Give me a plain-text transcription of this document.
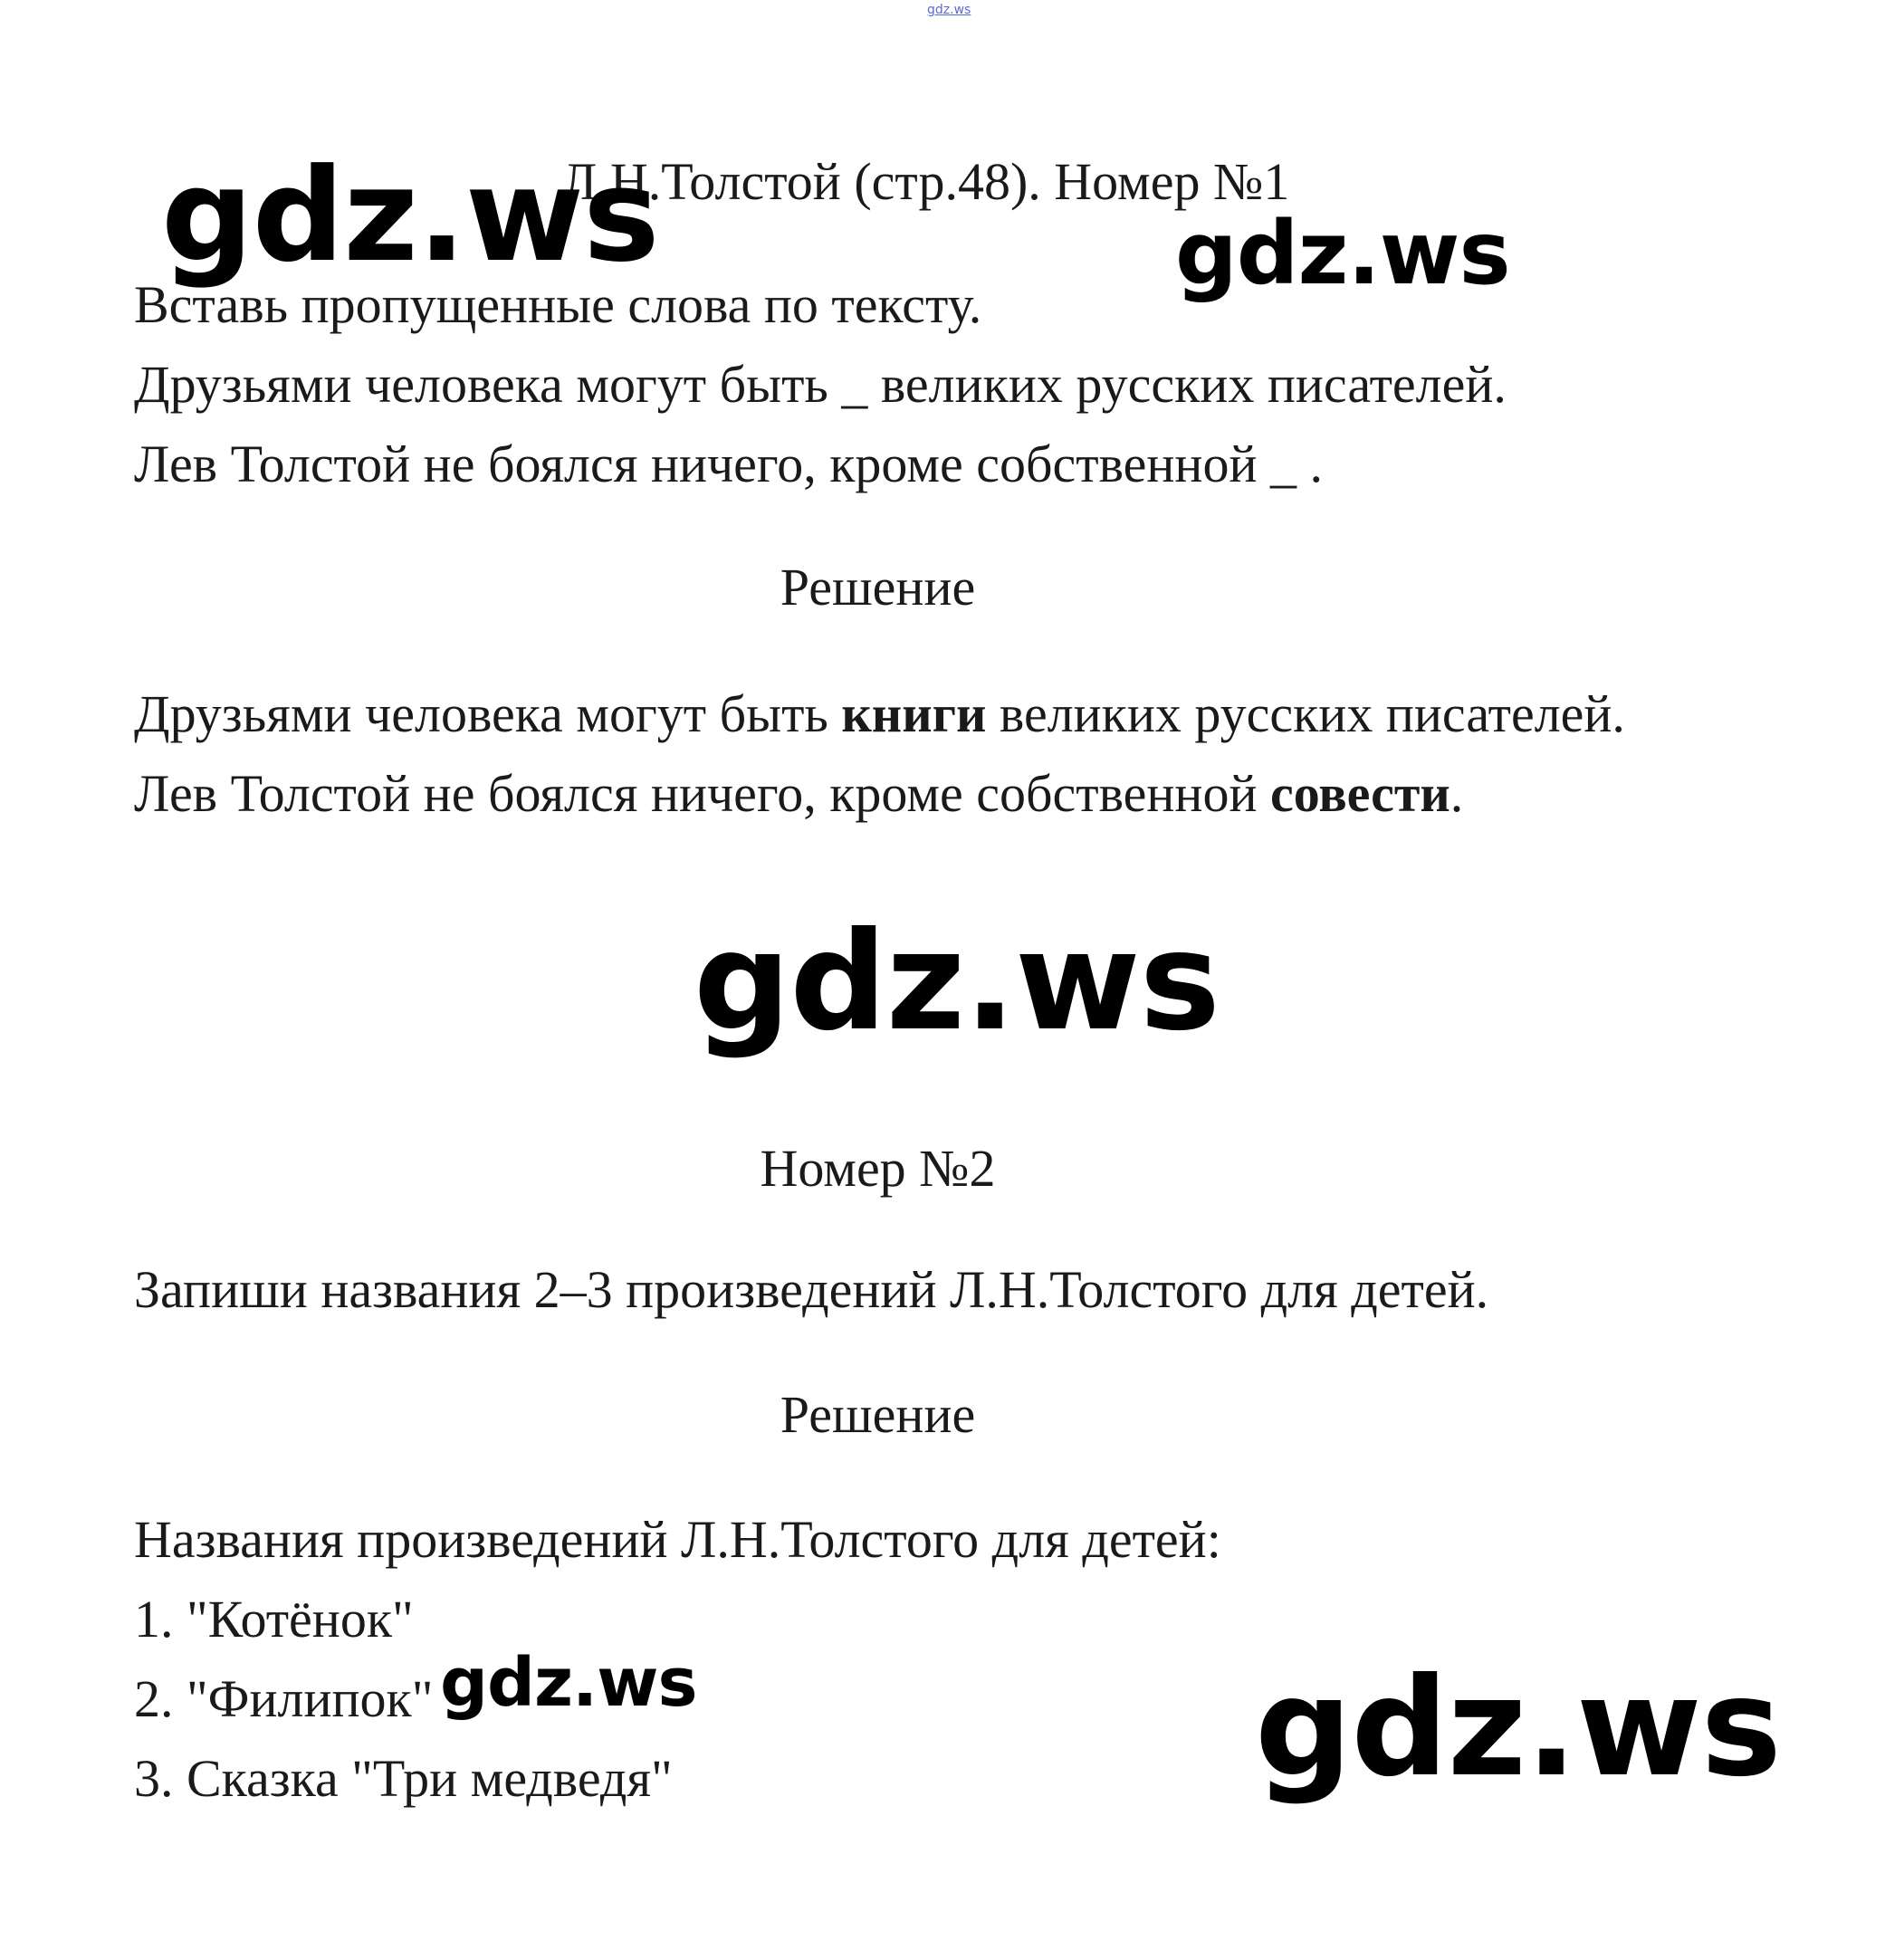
gdz.ws
Л.Н.Толстой (стр.48). Номер №1
Вставь пропущенные слова по тексту.
Друзьями человека могут быть _ великих русских писателей.
Лев Толстой не боялся ничего, кроме собственной _ .
Решение
Друзьями человека могут быть книги великих русских писателей.
Лев Толстой не боялся ничего, кроме собственной совести.
Номер №2
Запиши названия 2–3 произведений Л.Н.Толстого для детей.
Решение
Названия произведений Л.Н.Толстого для детей:
1. "Котёнок"
2. "Филипок"
3. Сказка "Три медведя"
gdz.ws	gdz.ws
gdz.ws
gdz.ws	gdz.ws
